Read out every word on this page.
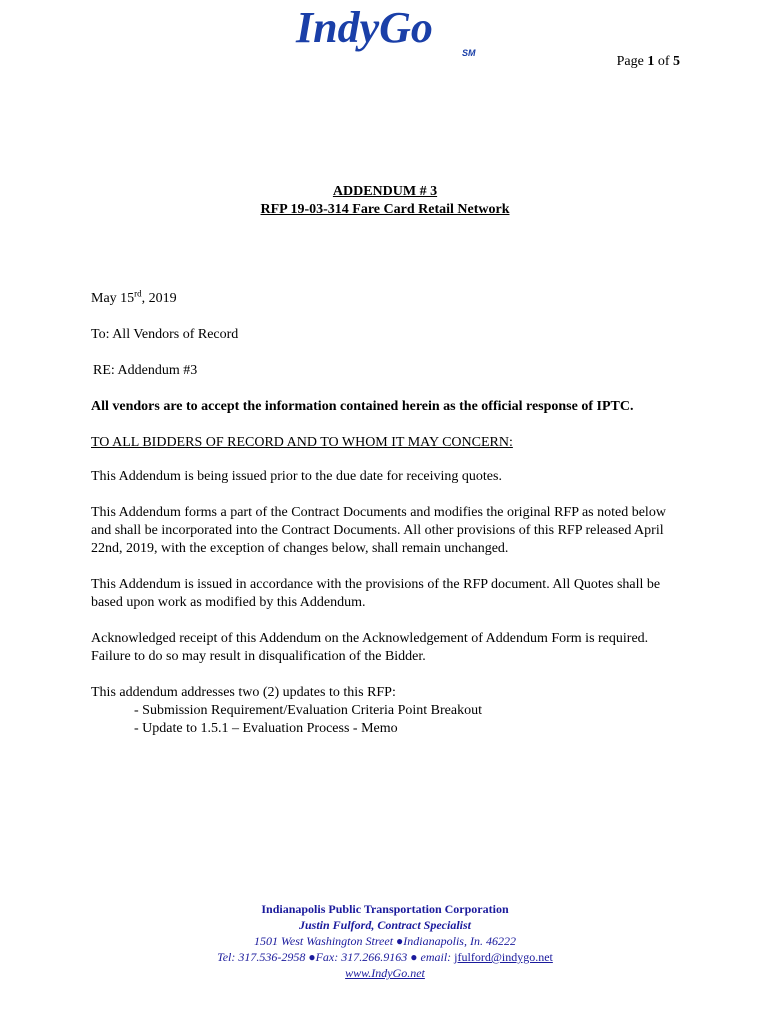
IndyGo
SM
Page 1 of 5
ADDENDUM # 3
RFP 19-03-314 Fare Card Retail Network

May 15rd, 2019

To: All Vendors of Record

RE: Addendum #3

All vendors are to accept the information contained herein as the official response of IPTC.

TO ALL BIDDERS OF RECORD AND TO WHOM IT MAY CONCERN:

This Addendum is being issued prior to the due date for receiving quotes.

This Addendum forms a part of the Contract Documents and modifies the original RFP as noted below and shall be incorporated into the Contract Documents. All other provisions of this RFP released April 22nd, 2019, with the exception of changes below, shall remain unchanged.

This Addendum is issued in accordance with the provisions of the RFP document. All Quotes shall be based upon work as modified by this Addendum.

Acknowledged receipt of this Addendum on the Acknowledgement of Addendum Form is required. Failure to do so may result in disqualification of the Bidder.

This addendum addresses two (2) updates to this RFP:
- Submission Requirement/Evaluation Criteria Point Breakout
- Update to 1.5.1 – Evaluation Process - Memo
Indianapolis Public Transportation Corporation
Justin Fulford, Contract Specialist
1501 West Washington Street ●Indianapolis, In. 46222
Tel: 317.536-2958 ●Fax: 317.266.9163 ● email: jfulford@indygo.net
www.IndyGo.net
